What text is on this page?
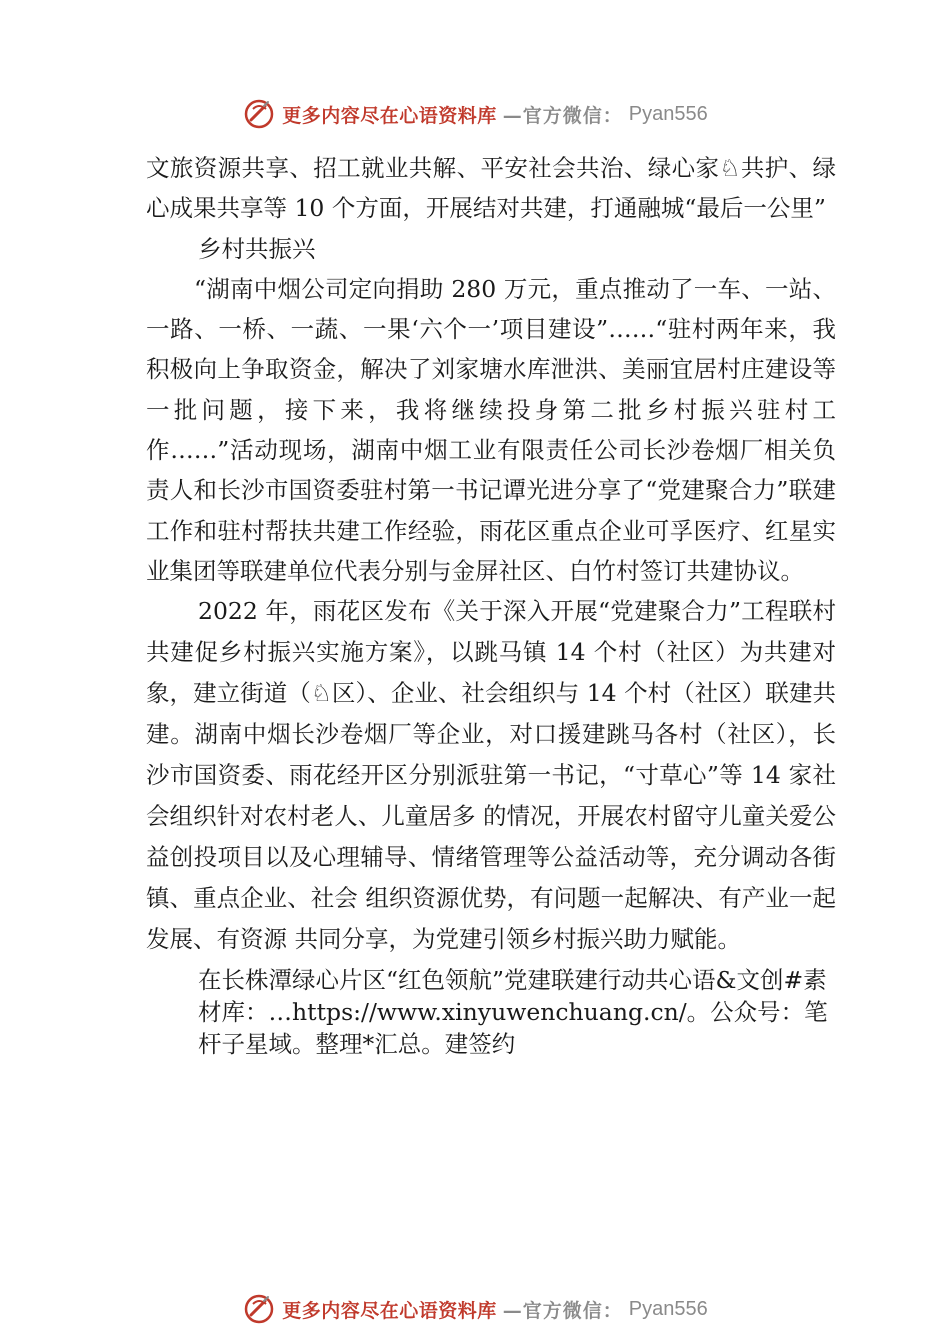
更多内容尽在心语资料库 —官方微信： Pyan556

文旅资源共享、招工就业共解、平安社会共治、绿心家♘共护、绿心成果共享等 10 个方面，开展结对共建，打通融城“最后一公里”

乡村共振兴

“湖南中烟公司定向捐助 280 万元，重点推动了一车、一站、一路、一桥、一蔬、一果‘六个一’项目建设”……“驻村两年来，我积极向上争取资金，解决了刘家塘水库泄洪、美丽宜居村庄建设等一批问题，接下来，我将继续投身第二批乡村振兴驻村工作……”活动现场，湖南中烟工业有限责任公司长沙卷烟厂相关负责人和长沙市国资委驻村第一书记谭光进分享了“党建聚合力”联建工作和驻村帮扶共建工作经验，雨花区重点企业可孚医疗、红星实业集团等联建单位代表分别与金屏社区、白竹村签订共建协议。

2022 年，雨花区发布《关于深入开展“党建聚合力”工程联村共建促乡村振兴实施方案》，以跳马镇 14 个村（社区）为共建对象，建立街道（♘区）、企业、社会组织与 14 个村（社区）联建共建。湖南中烟长沙卷烟厂等企业，对口援建跳马各村（社区），长沙市国资委、雨花经开区分别派驻第一书记，“寸草心”等 14 家社会组织针对农村老人、儿童居多 的情况，开展农村留守儿童关爱公益创投项目以及心理辅导、情绪管理等公益活动等，充分调动各街镇、重点企业、社会 组织资源优势，有问题一起解决、有产业一起发展、有资源 共同分享，为党建引领乡村振兴助力赋能。

在长株潭绿心片区“红色领航”党建联建行动共心语&文创#素材库：…https://www.xinyuwenchuang.cn/。公众号：笔杆子星域。整理*汇总。建签约

更多内容尽在心语资料库 —官方微信： Pyan556
